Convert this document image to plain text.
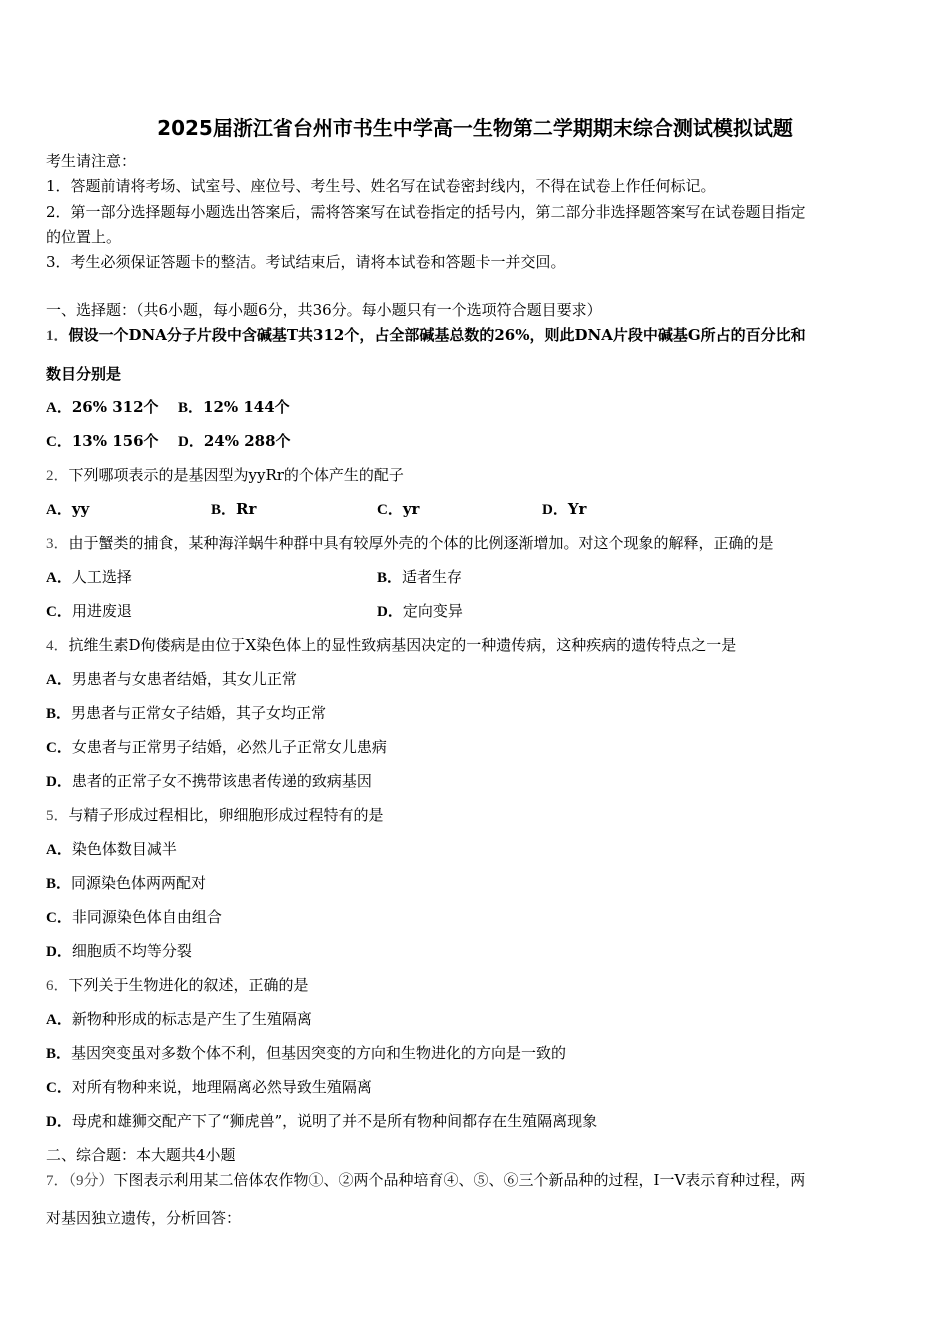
2025届浙江省台州市书生中学高一生物第二学期期末综合测试模拟试题
考生请注意：
1．答题前请将考场、试室号、座位号、考生号、姓名写在试卷密封线内，不得在试卷上作任何标记。
2．第一部分选择题每小题选出答案后，需将答案写在试卷指定的括号内，第二部分非选择题答案写在试卷题目指定
的位置上。
3．考生必须保证答题卡的整洁。考试结束后，请将本试卷和答题卡一并交回。
一、选择题：（共6小题，每小题6分，共36分。每小题只有一个选项符合题目要求）
1．假设一个DNA分子片段中含碱基T共312个，占全部碱基总数的26%，则此DNA片段中碱基G所占的百分比和
数目分别是
A．26% 312个 B．12% 144个
C．13% 156个 D．24% 288个
2．下列哪项表示的是基因型为yyRr的个体产生的配子
A．yy	B．Rr	C．yr	D．Yr
3．由于蟹类的捕食，某种海洋蜗牛种群中具有较厚外壳的个体的比例逐渐增加。对这个现象的解释，正确的是
A．人工选择	B．适者生存
C．用进废退	D．定向变异
4．抗维生素D佝偻病是由位于X染色体上的显性致病基因决定的一种遗传病，这种疾病的遗传特点之一是
A．男患者与女患者结婚，其女儿正常
B．男患者与正常女子结婚，其子女均正常
C．女患者与正常男子结婚，必然儿子正常女儿患病
D．患者的正常子女不携带该患者传递的致病基因
5．与精子形成过程相比，卵细胞形成过程特有的是
A．染色体数目减半
B．同源染色体两两配对
C．非同源染色体自由组合
D．细胞质不均等分裂
6．下列关于生物进化的叙述，正确的是
A．新物种形成的标志是产生了生殖隔离
B．基因突变虽对多数个体不利，但基因突变的方向和生物进化的方向是一致的
C．对所有物种来说，地理隔离必然导致生殖隔离
D．母虎和雄狮交配产下了“狮虎兽”，说明了并不是所有物种间都存在生殖隔离现象
二、综合题：本大题共4小题
7．（9分）下图表示利用某二倍体农作物①、②两个品种培育④、⑤、⑥三个新品种的过程，Ⅰ一Ⅴ表示育种过程，两
对基因独立遗传，分析回答：
